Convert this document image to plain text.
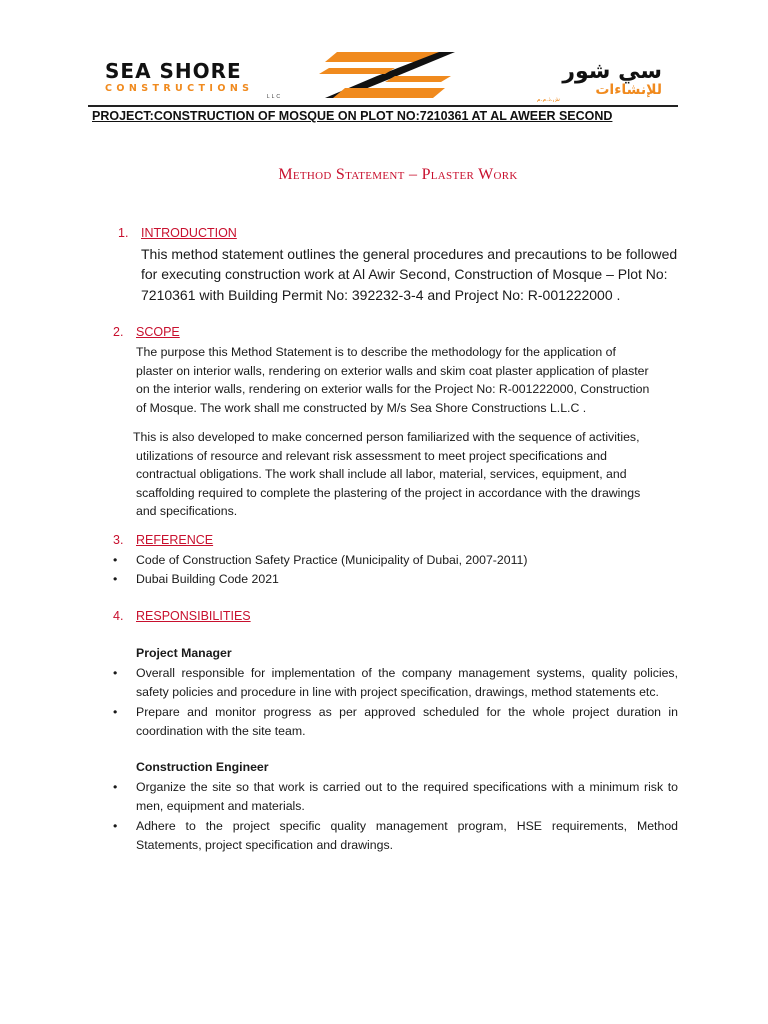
SEA SHORE
CONSTRUCTIONS
LLC
سي شور
للإنشاءات
ش.ذ.م.م
PROJECT:CONSTRUCTION OF MOSQUE ON PLOT NO:7210361 AT AL AWEER SECOND
Method Statement – Plaster Work
1. INTRODUCTION
This method statement outlines the general procedures and precautions to be followed
for executing construction work at Al Awir Second, Construction of Mosque – Plot No:
7210361 with Building Permit No: 392232-3-4 and Project No: R-001222000 .
2. SCOPE
The purpose this Method Statement is to describe the methodology for the application of
plaster on interior walls, rendering on exterior walls and skim coat plaster application of plaster
on the interior walls, rendering on exterior walls for the Project No: R-001222000, Construction
of Mosque. The work shall me constructed by M/s Sea Shore Constructions L.L.C .
This is also developed to make concerned person familiarized with the sequence of activities,
utilizations of resource and relevant risk assessment to meet project specifications and
contractual obligations. The work shall include all labor, material, services, equipment, and
scaffolding required to complete the plastering of the project in accordance with the drawings
and specifications.
3. REFERENCE
• Code of Construction Safety Practice (Municipality of Dubai, 2007-2011)
• Dubai Building Code 2021
4. RESPONSIBILITIES
Project Manager
• Overall responsible for implementation of the company management systems, quality policies, safety policies and procedure in line with project specification, drawings, method statements etc.
• Prepare and monitor progress as per approved scheduled for the whole project duration in coordination with the site team.
Construction Engineer
• Organize the site so that work is carried out to the required specifications with a minimum risk to men, equipment and materials.
• Adhere to the project specific quality management program, HSE requirements, Method Statements, project specification and drawings.
